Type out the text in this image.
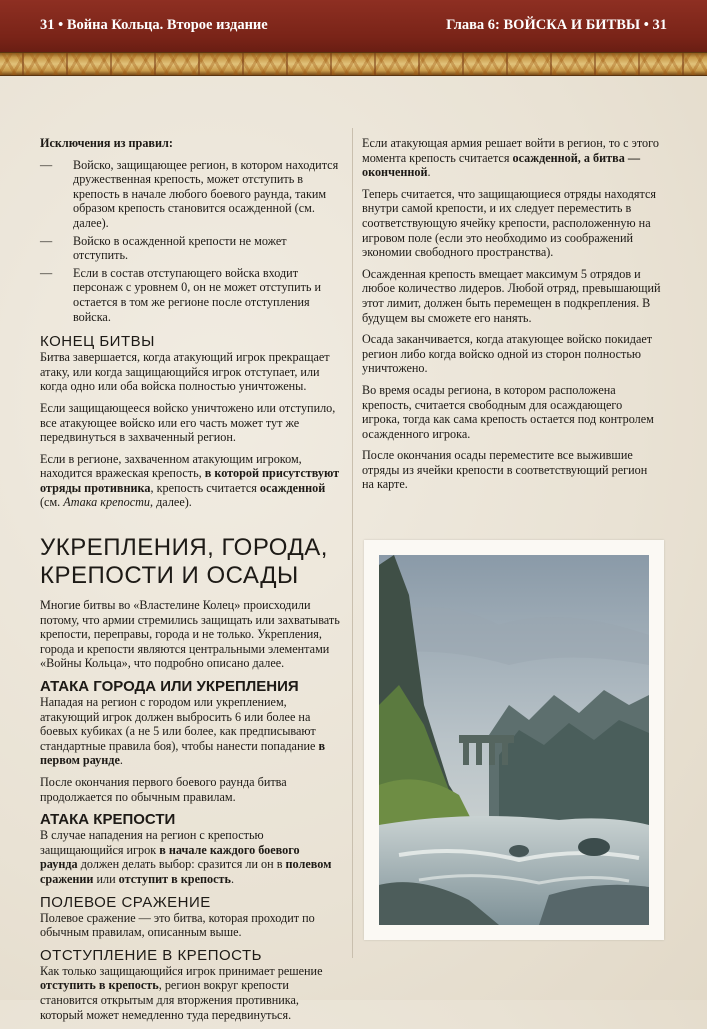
31 • Война Кольца. Второе издание	Глава 6: ВОЙСКА И БИТВЫ • 31

Исключения из правил:

—	Войско, защищающее регион, в котором находится дружественная крепость, может отступить в крепость в начале любого боевого раунда, таким образом крепость становится осажденной (см. далее).
—	Войско в осажденной крепости не может отступить.
—	Если в состав отступающего войска входит персонаж с уровнем 0, он не может отступить и остается в том же регионе после отступления войска.
КОНЕЦ БИТВЫ

Битва завершается, когда атакующий игрок прекращает атаку, или когда защищающийся игрок отступает, или когда одно или оба войска полностью уничтожены.

Если защищающееся войско уничтожено или отступило, все атакующее войско или его часть может тут же передвинуться в захваченный регион.

Если в регионе, захваченном атакующим игроком, находится вражеская крепость, в которой присутствуют отряды противника, крепость считается осажденной (см. Атака крепости, далее).

УКРЕПЛЕНИЯ, ГОРОДА,
КРЕПОСТИ И ОСАДЫ

Многие битвы во «Властелине Колец» происходили потому, что армии стремились защищать или захватывать крепости, переправы, города и не только. Укрепления, города и крепости являются центральными элементами «Войны Кольца», что подробно описано далее.

АТАКА ГОРОДА ИЛИ УКРЕПЛЕНИЯ

Нападая на регион с городом или укреплением, атакующий игрок должен выбросить 6 или более на боевых кубиках (а не 5 или более, как предписывают стандартные правила боя), чтобы нанести попадание в первом раунде.

После окончания первого боевого раунда битва продолжается по обычным правилам.

АТАКА КРЕПОСТИ

В случае нападения на регион с крепостью защищающийся игрок в начале каждого боевого раунда должен делать выбор: сразится ли он в полевом сражении или отступит в крепость.

ПОЛЕВОЕ СРАЖЕНИЕ

Полевое сражение — это битва, которая проходит по обычным правилам, описанным выше.

ОТСТУПЛЕНИЕ В КРЕПОСТЬ

Как только защищающийся игрок принимает решение отступить в крепость, регион вокруг крепости становится открытым для вторжения противника, который может немедленно туда передвинуться.

Если атакующая армия решает войти в регион, то с этого момента крепость считается осажденной, а битва — оконченной.

Теперь считается, что защищающиеся отряды находятся внутри самой крепости, и их следует переместить в соответствующую ячейку крепости, расположенную на игровом поле (если это необходимо из соображений экономии свободного пространства).

Осажденная крепость вмещает максимум 5 отрядов и любое количество лидеров. Любой отряд, превышающий этот лимит, должен быть перемещен в подкрепления. В будущем вы сможете его нанять.

Осада заканчивается, когда атакующее войско покидает регион либо когда войско одной из сторон полностью уничтожено.

Во время осады региона, в котором расположена крепость, считается свободным для осаждающего игрока, тогда как сама крепость остается под контролем осажденного игрока.

После окончания осады переместите все выжившие отряды из ячейки крепости в соответствующий регион на карте.
